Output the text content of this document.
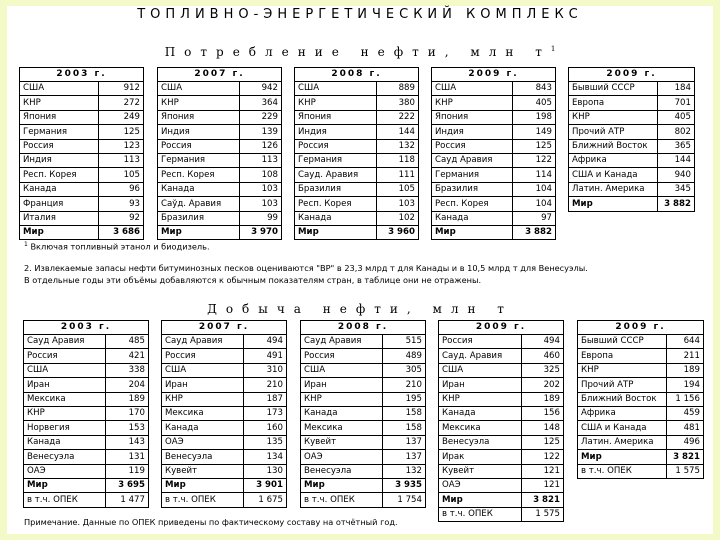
ТОПЛИВНО-ЭНЕРГЕТИЧЕСКИЙ КОМПЛЕКС
Потребление нефти, млн $т^1$
2003 г.	
США	912
КНР	272
Япония	249
Германия	125
Россия	123
Индия	113
Респ. Корея	105
Канада	96
Франция	93
Италия	92
Мир	3 686
2007 г.	
США	942
КНР	364
Япония	229
Индия	139
Россия	126
Германия	113
Респ. Корея	108
Канада	103
Саўд. Аравия	103
Бразилия	99
Мир	3 970
2008 г.	
США	889
КНР	380
Япония	222
Индия	144
Россия	132
Германия	118
Сауд. Аравия	111
Бразилия	105
Респ. Корея	103
Канада	102
Мир	3 960
2009 г.	
США	843
КНР	405
Япония	198
Индия	149
Россия	125
Сауд Аравия	122
Германия	114
Бразилия	104
Респ. Корея	104
Канада	97
Мир	3 882
2009 г.	
Бывший СССР	184
Европа	701
КНР	405
Прочий АТР	802
Ближний Восток	365
Африка	144
США и Канада	940
Латин. Америка	345
Мир	3 882
$^1$ Включая топливный этанол и биодизель.
2. Извлекаемые запасы нефти битуминозных песков оцениваются "BP" в 23,3 млрд т для Канады и в 10,5 млрд т для Венесуэлы.
В отдельные годы эти объёмы добавляются к обычным показателям стран, в таблице они не отражены.
Добыча нефти, млн т
2003 г.	
Сауд Аравия	485
Россия	421
США	338
Иран	204
Мексика	189
КНР	170
Норвегия	153
Канада	143
Венесуэла	131
ОАЭ	119
Мир	3 695
в т.ч. ОПЕК	1 477
2007 г.	
Сауд Аравия	494
Россия	491
США	310
Иран	210
КНР	187
Мексика	173
Канада	160
ОАЭ	135
Венесуэла	134
Кувейт	130
Мир	3 901
в т.ч. ОПЕК	1 675
2008 г.	
Сауд Аравия	515
Россия	489
США	305
Иран	210
КНР	195
Канада	158
Мексика	158
Кувейт	137
ОАЭ	137
Венесуэла	132
Мир	3 935
в т.ч. ОПЕК	1 754
2009 г.	
Россия	494
Сауд. Аравия	460
США	325
Иран	202
КНР	189
Канада	156
Мексика	148
Венесуэла	125
Ирак	122
Кувейт	121
ОАЭ	121
Мир	3 821
в т.ч. ОПЕК	1 575
2009 г.	
Бывший СССР	644
Европа	211
КНР	189
Прочий АТР	194
Ближний Восток	1 156
Африка	459
США и Канада	481
Латин. Америка	496
Мир	3 821
в т.ч. ОПЕК	1 575
Примечание. Данные по ОПЕК приведены по фактическому составу на отчётный год.
